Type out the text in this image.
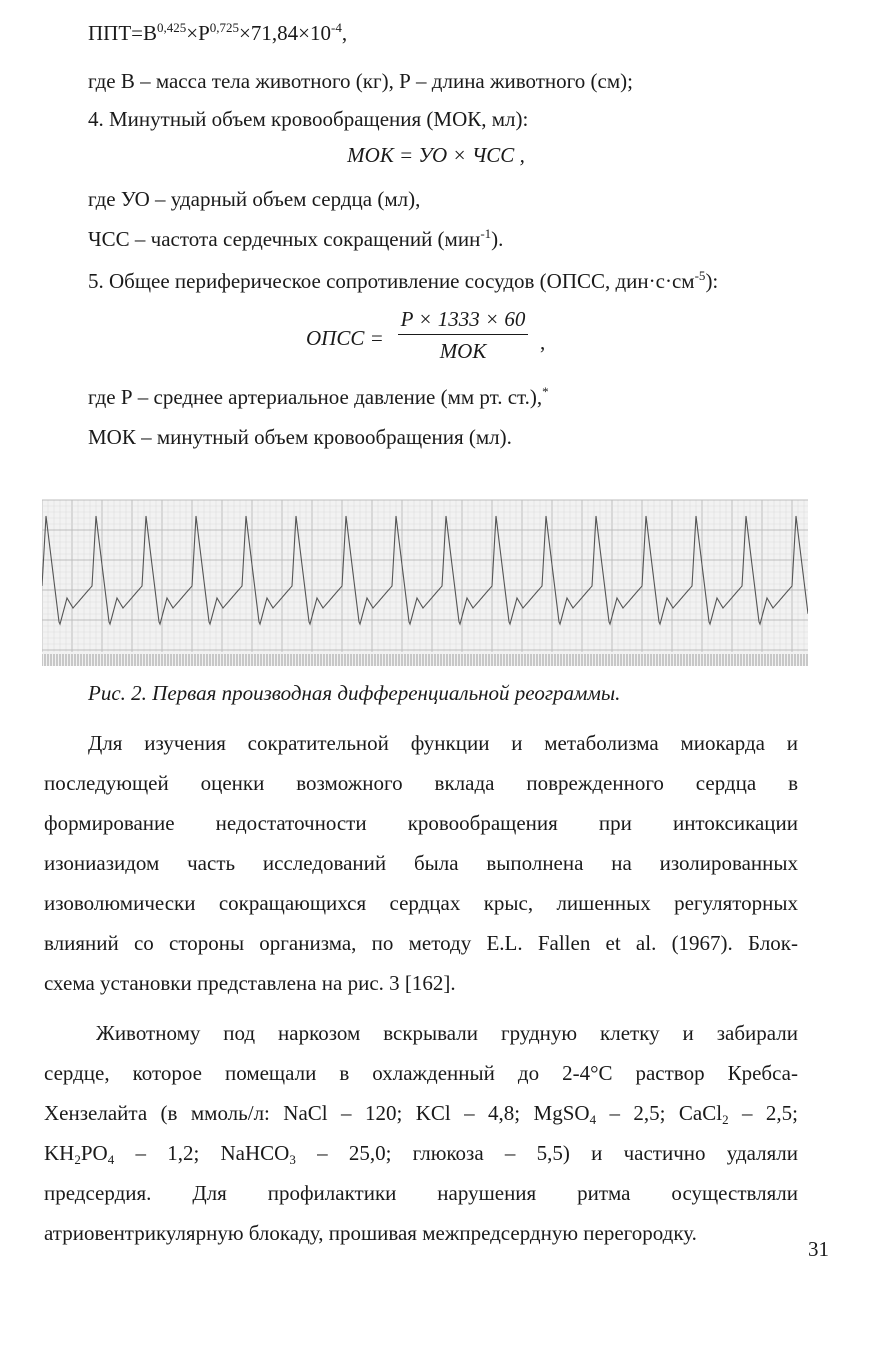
$ППТ=B^{0,425}\times P^{0,725}\times 71,84\times 10^{-4}$,
где В – масса тела животного (кг), Р – длина животного (см);
4. Минутный объем кровообращения (МОК, мл):
МОК = УО × ЧСС ,
где УО – ударный объем сердца (мл),
ЧСС – частота сердечных сокращений (мин$^{-1}$).
5. Общее периферическое сопротивление сосудов (ОПСС, $дин\cdot с\cdot см^{-5}$):
ОПСС =
P × 1333 × 60
МОК	,
где Р – среднее артериальное давление (мм рт. ст.),*
МОК – минутный объем кровообращения (мл).
Рис. 2. Первая производная дифференциальной реограммы.
Для изучения сократительной функции и метаболизма миокарда и
последующей оценки возможного вклада поврежденного сердца в
формирование недостаточности кровообращения при интоксикации
изониазидом часть исследований была выполнена на изолированных
изоволюмически сокращающихся сердцах крыс, лишенных регуляторных
влияний со стороны организма, по методу E.L. Fallen et al. (1967). Блок-
схема установки представлена на рис. 3 [162].
Животному под наркозом вскрывали грудную клетку и забирали
сердце, которое помещали в охлажденный до 2-4°С раствор Кребса-
Хензелайта (в ммоль/л: NaCl – 120; KCl – 4,8; MgSO$_4$ – 2,5; CaCl$_2$ – 2,5;
$KH_2PO_4 - 1,2$; NaHCO$_3$ – 25,0; глюкоза – 5,5) и частично удаляли
предсердия. Для профилактики нарушения ритма осуществляли
атриовентрикулярную блокаду, прошивая межпредсердную перегородку.
31
